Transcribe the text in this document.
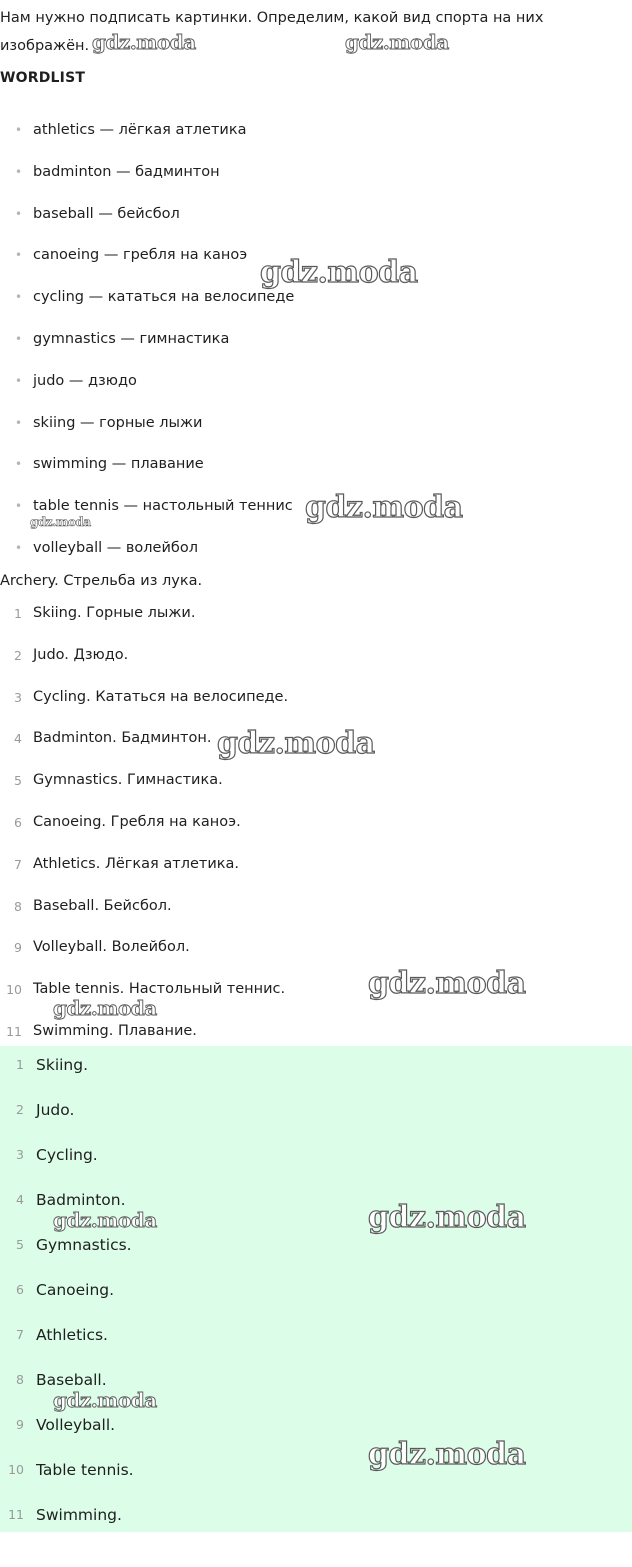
Нам нужно подписать картинки. Определим, какой вид спорта на них изображён.

WORDLIST

• athletics — лёгкая атлетика
• badminton — бадминтон
• baseball — бейсбол
• canoeing — гребля на каноэ
• cycling — кататься на велосипеде
• gymnastics — гимнастика
• judo — дзюдо
• skiing — горные лыжи
• swimming — плавание
• table tennis — настольный теннис
• volleyball — волейбол

Archery. Стрельба из лука.

1 Skiing. Горные лыжи.
2 Judo. Дзюдо.
3 Cycling. Кататься на велосипеде.
4 Badminton. Бадминтон.
5 Gymnastics. Гимнастика.
6 Canoeing. Гребля на каноэ.
7 Athletics. Лёгкая атлетика.
8 Baseball. Бейсбол.
9 Volleyball. Волейбол.
10 Table tennis. Настольный теннис.
11 Swimming. Плавание.
1 Skiing.
2 Judo.
3 Cycling.
4 Badminton.
5 Gymnastics.
6 Canoeing.
7 Athletics.
8 Baseball.
9 Volleyball.
10 Table tennis.
11 Swimming.
gdz.moda	gdz.moda
gdz.moda
gdz.moda
gdz.moda
gdz.moda
gdz.moda
gdz.moda
gdz.moda
gdz.moda
gdz.moda
gdz.moda
